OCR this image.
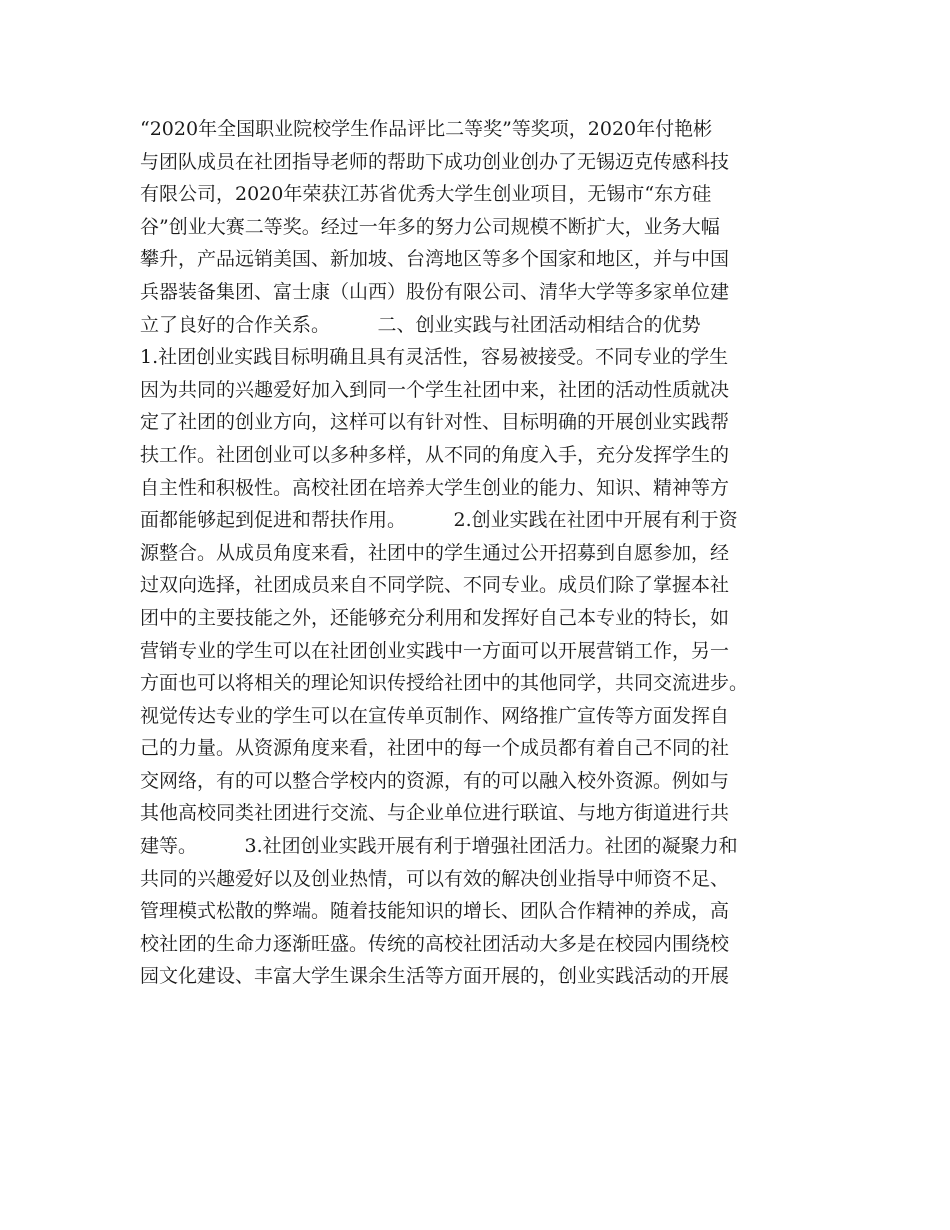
“2020年全国职业院校学生作品评比二等奖”等奖项，2020年付艳彬
与团队成员在社团指导老师的帮助下成功创业创办了无锡迈克传感科技
有限公司，2020年荣获江苏省优秀大学生创业项目，无锡市“东方硅
谷”创业大赛二等奖。经过一年多的努力公司规模不断扩大，业务大幅
攀升，产品远销美国、新加坡、台湾地区等多个国家和地区，并与中国
兵器装备集团、富士康（山西）股份有限公司、清华大学等多家单位建
立了良好的合作关系。　　　二、创业实践与社团活动相结合的优势
1.社团创业实践目标明确且具有灵活性，容易被接受。不同专业的学生
因为共同的兴趣爱好加入到同一个学生社团中来，社团的活动性质就决
定了社团的创业方向，这样可以有针对性、目标明确的开展创业实践帮
扶工作。社团创业可以多种多样，从不同的角度入手，充分发挥学生的
自主性和积极性。高校社团在培养大学生创业的能力、知识、精神等方
面都能够起到促进和帮扶作用。　　　2.创业实践在社团中开展有利于资
源整合。从成员角度来看，社团中的学生通过公开招募到自愿参加，经
过双向选择，社团成员来自不同学院、不同专业。成员们除了掌握本社
团中的主要技能之外，还能够充分利用和发挥好自己本专业的特长，如
营销专业的学生可以在社团创业实践中一方面可以开展营销工作，另一
方面也可以将相关的理论知识传授给社团中的其他同学，共同交流进步。
视觉传达专业的学生可以在宣传单页制作、网络推广宣传等方面发挥自
己的力量。从资源角度来看，社团中的每一个成员都有着自己不同的社
交网络，有的可以整合学校内的资源，有的可以融入校外资源。例如与
其他高校同类社团进行交流、与企业单位进行联谊、与地方街道进行共
建等。　　　3.社团创业实践开展有利于增强社团活力。社团的凝聚力和
共同的兴趣爱好以及创业热情，可以有效的解决创业指导中师资不足、
管理模式松散的弊端。随着技能知识的增长、团队合作精神的养成，高
校社团的生命力逐渐旺盛。传统的高校社团活动大多是在校园内围绕校
园文化建设、丰富大学生课余生活等方面开展的，创业实践活动的开展
